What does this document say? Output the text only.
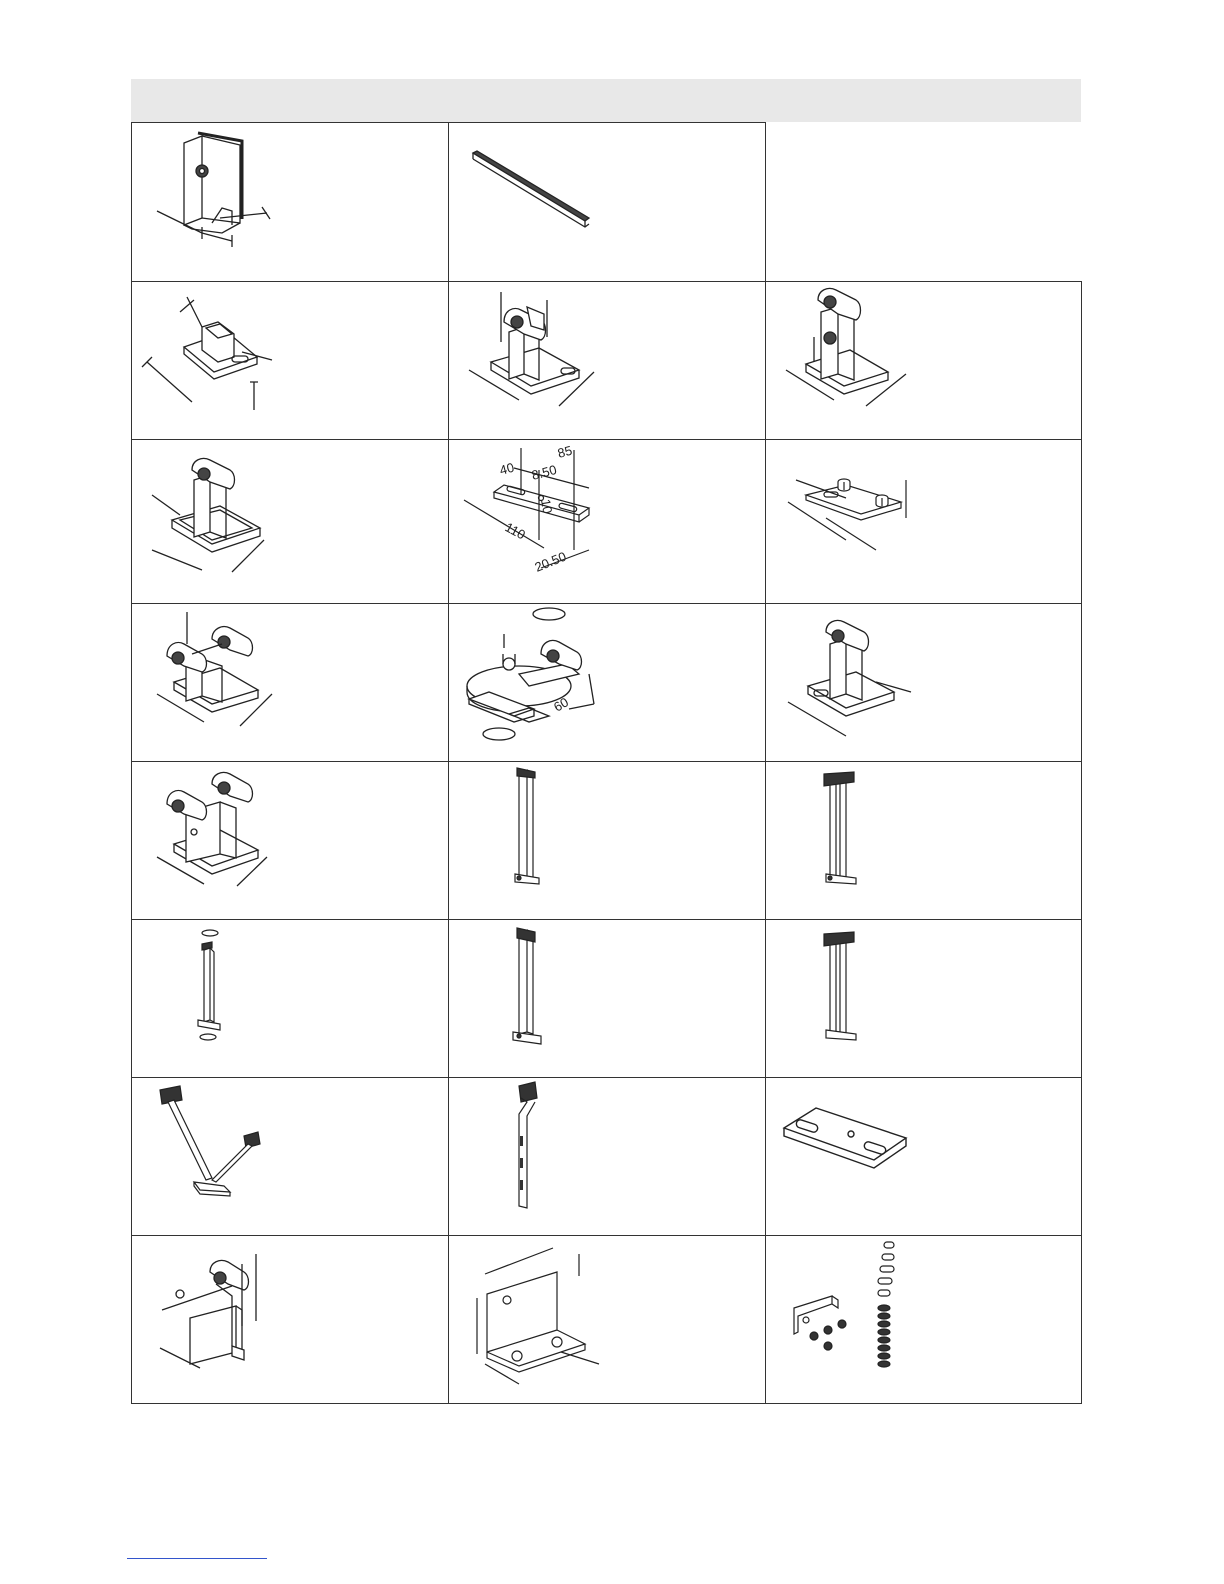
85
40 8.50
10
110
20.50
60
